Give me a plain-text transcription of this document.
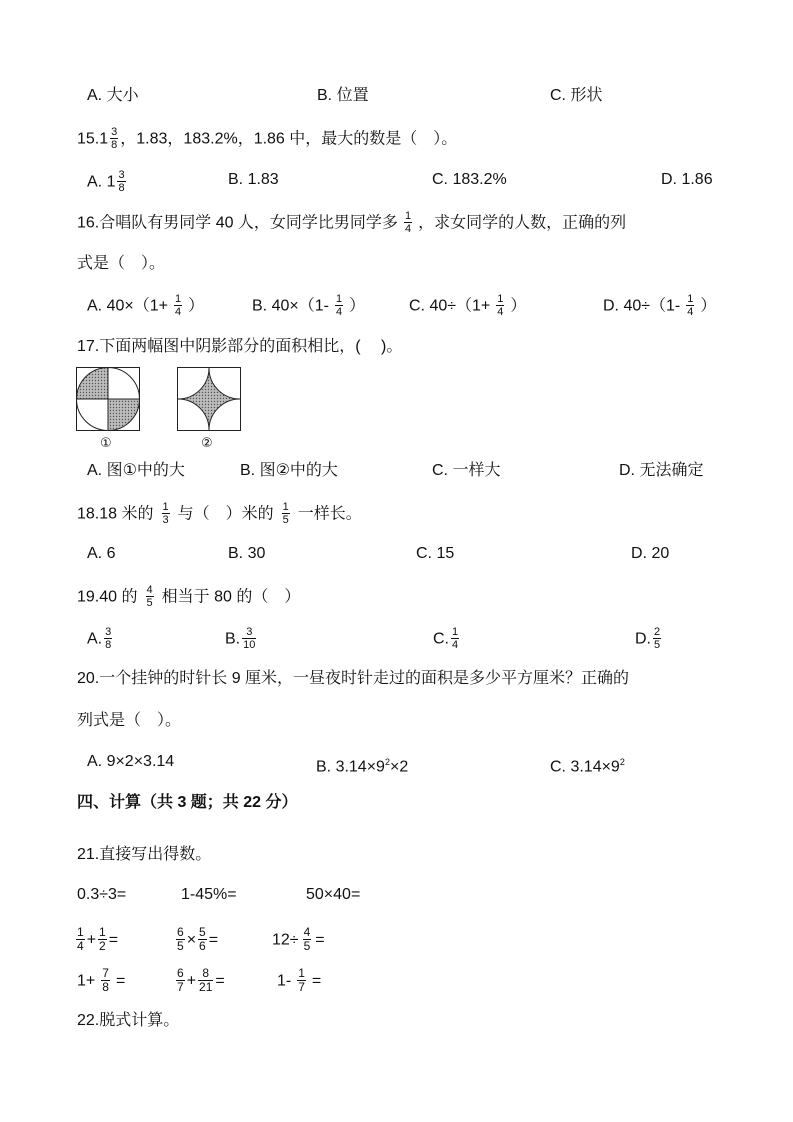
A. 大小	B. 位置	C. 形状
$15.1 \frac{3}{8}$ ，1.83，183.2%，1.86 中，最大的数是（　）。
A. $1 \frac{3}{8}$	B. 1.83	C. 183.2%	D. 1.86
16.合唱队有男同学 40 人，女同学比男同学多 $\frac{1}{4}$ ，求女同学的人数，正确的列
式是（　）。
A. $40\times(1+ \frac{1}{4}$ ）	B. $40\times(1- \frac{1}{4}$ ）	C. $40\div(1+ \frac{1}{4}$ ）	D. $40\div(1- \frac{1}{4}$ ）
17.下面两幅图中阴影部分的面积相比，(　 )。
①	②
A. 图①中的大	B. 图②中的大	C. 一样大	D. 无法确定
18.18 米的 $\frac{1}{3}$ 与（　）米的 $\frac{1}{5}$ 一样长。
A. 6	B. 30	C. 15	D. 20
19.40 的 $\frac{4}{5}$ 相当于 80 的（　）
A. $\frac{3}{8}$	B. $\frac{3}{10}$	C. $\frac{1}{4}$	D. $\frac{2}{5}$
20.一个挂钟的时针长 9 厘米，一昼夜时针走过的面积是多少平方厘米？正确的
列式是（　）。
A. 9×2×3.14	B. $3.14\times 9^2\times 2$	C. $3.14\times 9^2$
四、计算（共 3 题；共 22 分）
21.直接写出得数。
0.3÷3=	1-45%=	50×40=
$\frac{1}{4} + \frac{1}{2}$ =	$\frac{6}{5} \times \frac{5}{6}$ =	$12\div \frac{4}{5}$ =
$1+ \frac{7}{8}$ =	$\frac{6}{7} + \frac{8}{21}$ =	$1- \frac{1}{7}$ =
22.脱式计算。
